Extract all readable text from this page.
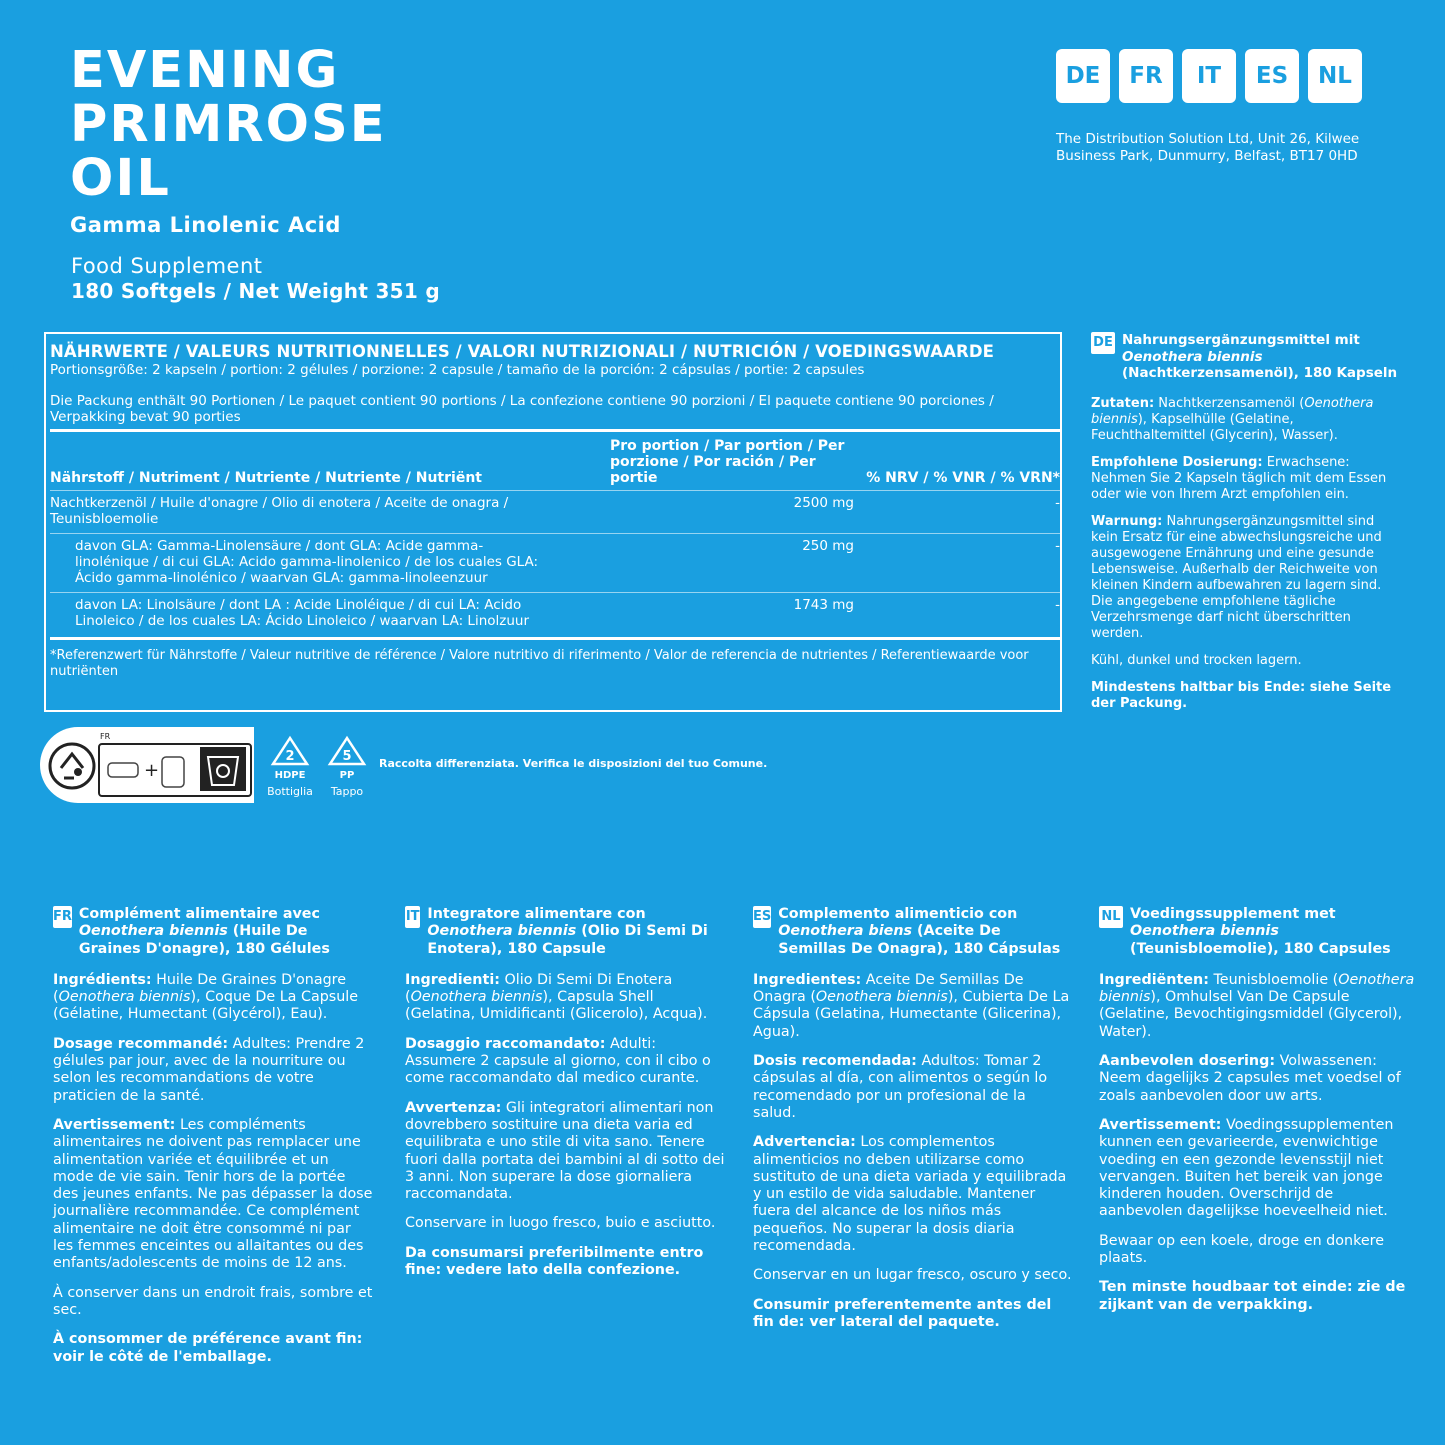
EVENING
PRIMROSE
OIL
Gamma Linolenic Acid
Food Supplement
180 Softgels / Net Weight 351 g
DE	FR	IT	ES	NL
The Distribution Solution Ltd, Unit 26, Kilwee Business Park, Dunmurry, Belfast, BT17 0HD
NÄHRWERTE / VALEURS NUTRITIONNELLES / VALORI NUTRIZIONALI / NUTRICIÓN / VOEDINGSWAARDE
Portionsgröße: 2 kapseln / portion: 2 gélules / porzione: 2 capsule / tamaño de la porción: 2 cápsulas / portie: 2 capsules
Die Packung enthält 90 Portionen / Le paquet contient 90 portions / La confezione contiene 90 porzioni / El paquete contiene 90 porciones / Verpakking bevat 90 porties
Nährstoff / Nutriment / Nutriente / Nutriente / Nutriënt	Pro portion / Par portion / Per porzione / Por ración / Per portie	% NRV / % VNR / % VRN*
Nachtkerzenöl / Huile d'onagre / Olio di enotera / Aceite de onagra / Teunisbloemolie	2500 mg	-
davon GLA: Gamma-Linolensäure / dont GLA: Acide gamma-linolénique / di cui GLA: Acido gamma-linolenico / de los cuales GLA: Ácido gamma-linolénico / waarvan GLA: gamma-linoleenzuur	250 mg	-
davon LA: Linolsäure / dont LA : Acide Linoléique / di cui LA: Acido Linoleico / de los cuales LA: Ácido Linoleico / waarvan LA: Linolzuur	1743 mg	-
*Referenzwert für Nährstoffe / Valeur nutritive de référence / Valore nutritivo di riferimento / Valor de referencia de nutrientes / Referentiewaarde voor nutriënten
DE Nahrungsergänzungsmittel mit
Oenothera biennis
(Nachtkerzensamenöl), 180 Kapseln

Zutaten: Nachtkerzensamenöl (Oenothera biennis), Kapselhülle (Gelatine, Feuchthaltemittel (Glycerin), Wasser).

Empfohlene Dosierung: Erwachsene: Nehmen Sie 2 Kapseln täglich mit dem Essen oder wie von Ihrem Arzt empfohlen ein.

Warnung: Nahrungsergänzungsmittel sind kein Ersatz für eine abwechslungsreiche und ausgewogene Ernährung und eine gesunde Lebensweise. Außerhalb der Reichweite von kleinen Kindern aufbewahren zu lagern sind. Die angegebene empfohlene tägliche Verzehrsmenge darf nicht überschritten werden.

Kühl, dunkel und trocken lagern.

Mindestens haltbar bis Ende: siehe Seite der Packung.

+
FR
2
HDPE
Bottiglia
5
PP
Tappo
Raccolta differenziata. Verifica le disposizioni del tuo Comune.
FR Complément alimentaire avec
Oenothera biennis (Huile De Graines D'onagre), 180 Gélules

Ingrédients: Huile De Graines D'onagre (Oenothera biennis), Coque De La Capsule (Gélatine, Humectant (Glycérol), Eau).

Dosage recommandé: Adultes: Prendre 2 gélules par jour, avec de la nourriture ou selon les recommandations de votre praticien de la santé.

Avertissement: Les compléments alimentaires ne doivent pas remplacer une alimentation variée et équilibrée et un mode de vie sain. Tenir hors de la portée des jeunes enfants. Ne pas dépasser la dose journalière recommandée. Ce complément alimentaire ne doit être consommé ni par les femmes enceintes ou allaitantes ou des enfants/adolescents de moins de 12 ans.

À conserver dans un endroit frais, sombre et sec.

À consommer de préférence avant fin: voir le côté de l'emballage.

IT Integratore alimentare con
Oenothera biennis (Olio Di Semi Di Enotera), 180 Capsule

Ingredienti: Olio Di Semi Di Enotera (Oenothera biennis), Capsula Shell (Gelatina, Umidificanti (Glicerolo), Acqua).

Dosaggio raccomandato: Adulti: Assumere 2 capsule al giorno, con il cibo o come raccomandato dal medico curante.

Avvertenza: Gli integratori alimentari non dovrebbero sostituire una dieta varia ed equilibrata e uno stile di vita sano. Tenere fuori dalla portata dei bambini al di sotto dei 3 anni. Non superare la dose giornaliera raccomandata.

Conservare in luogo fresco, buio e asciutto.

Da consumarsi preferibilmente entro fine: vedere lato della confezione.

ES Complemento alimenticio con
Oenothera biens (Aceite De Semillas De Onagra), 180 Cápsulas

Ingredientes: Aceite De Semillas De Onagra (Oenothera biennis), Cubierta De La Cápsula (Gelatina, Humectante (Glicerina), Agua).

Dosis recomendada: Adultos: Tomar 2 cápsulas al día, con alimentos o según lo recomendado por un profesional de la salud.

Advertencia: Los complementos alimenticios no deben utilizarse como sustituto de una dieta variada y equilibrada y un estilo de vida saludable. Mantener fuera del alcance de los niños más pequeños. No superar la dosis diaria recomendada.

Conservar en un lugar fresco, oscuro y seco.

Consumir preferentemente antes del fin de: ver lateral del paquete.

NL Voedingssupplement met
Oenothera biennis
(Teunisbloemolie), 180 Capsules

Ingrediënten: Teunisbloemolie (Oenothera biennis), Omhulsel Van De Capsule (Gelatine, Bevochtigingsmiddel (Glycerol), Water).

Aanbevolen dosering: Volwassenen: Neem dagelijks 2 capsules met voedsel of zoals aanbevolen door uw arts.

Avertissement: Voedingssupplementen kunnen een gevarieerde, evenwichtige voeding en een gezonde levensstijl niet vervangen. Buiten het bereik van jonge kinderen houden. Overschrijd de aanbevolen dagelijkse hoeveelheid niet.

Bewaar op een koele, droge en donkere plaats.

Ten minste houdbaar tot einde: zie de zijkant van de verpakking.
